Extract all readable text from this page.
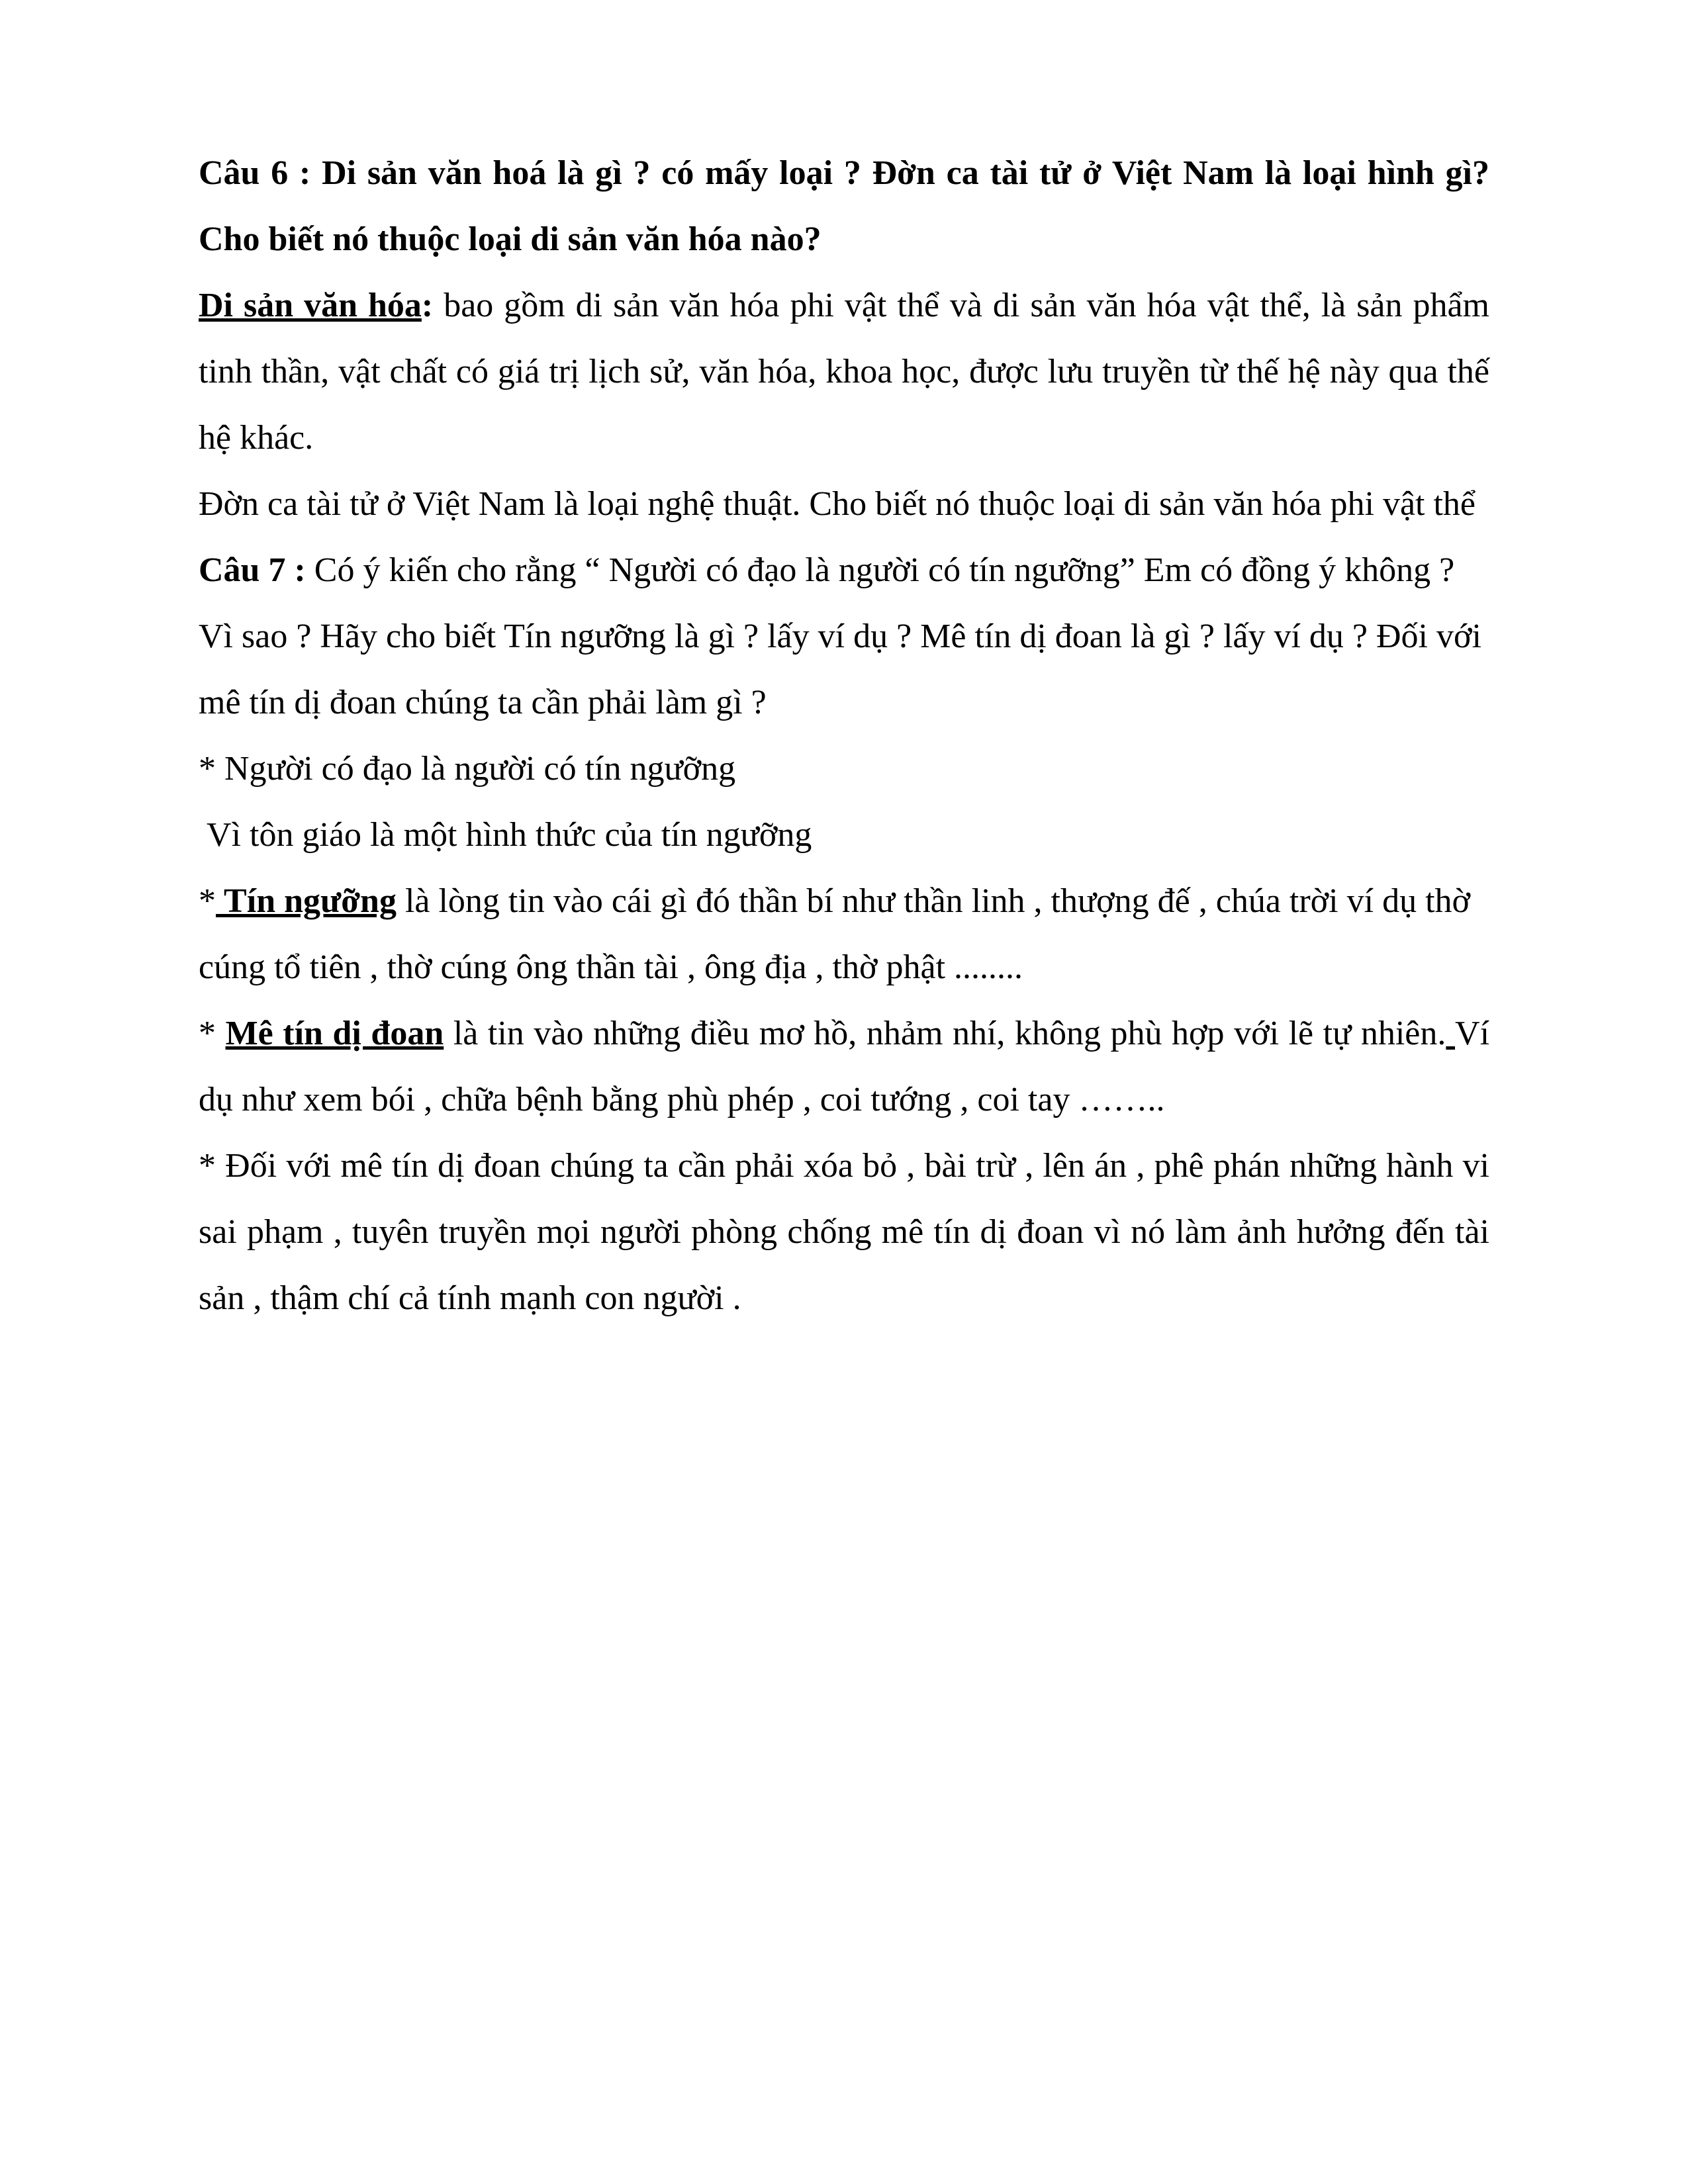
Câu 6 : Di sản văn hoá là gì ? có mấy loại ? Đờn ca tài tử ở Việt Nam là loại hình gì? Cho biết nó thuộc loại di sản văn hóa nào?

Di sản văn hóa: bao gồm di sản văn hóa phi vật thể và di sản văn hóa vật thể, là sản phẩm tinh thần, vật chất có giá trị lịch sử, văn hóa, khoa học, được lưu truyền từ thế hệ này qua thế hệ khác.

Đờn ca tài tử ở Việt Nam là loại nghệ thuật. Cho biết nó thuộc loại di sản văn hóa phi vật thể

Câu 7 : Có ý kiến cho rằng “ Người có đạo là người có tín ngưỡng” Em có đồng ý không ? Vì sao ? Hãy cho biết Tín ngưỡng là gì ? lấy ví dụ ? Mê tín dị đoan là gì ? lấy ví dụ ? Đối với mê tín dị đoan chúng ta cần phải làm gì ?

* Người có đạo là người có tín ngưỡng

Vì tôn giáo là một hình thức của tín ngưỡng

* Tín ngưỡng là lòng tin vào cái gì đó thần bí như thần linh , thượng đế , chúa trời ví dụ thờ cúng tổ tiên , thờ cúng ông thần tài , ông địa , thờ phật ........

* Mê tín dị đoan là tin vào những điều mơ hồ, nhảm nhí, không phù hợp với lẽ tự nhiên. Ví dụ như xem bói , chữa bệnh bằng phù phép , coi tướng , coi tay ……..

* Đối với mê tín dị đoan chúng ta cần phải xóa bỏ , bài trừ , lên án , phê phán những hành vi sai phạm , tuyên truyền mọi người phòng chống mê tín dị đoan vì nó làm ảnh hưởng đến tài sản , thậm chí cả tính mạnh con người .
